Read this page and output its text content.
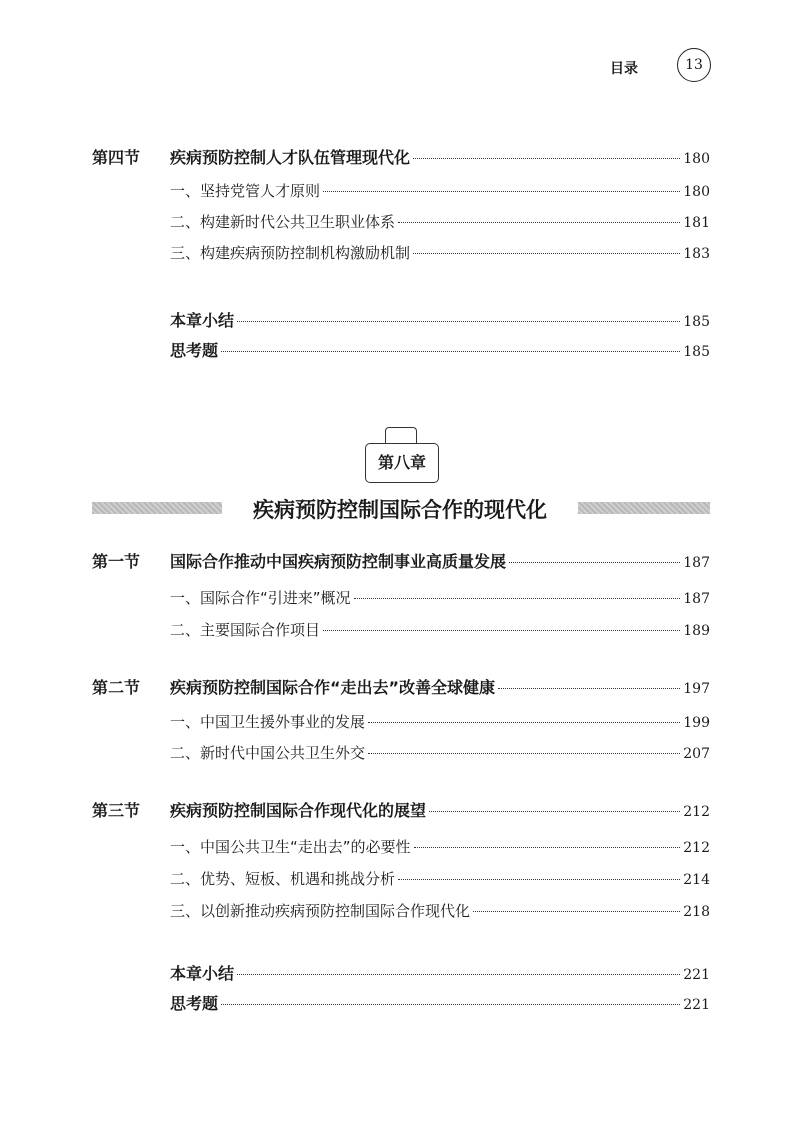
目录	13
第四节	疾病预防控制人才队伍管理现代化	180
一、坚持党管人才原则	180
二、构建新时代公共卫生职业体系	181
三、构建疾病预防控制机构激励机制	183
本章小结	185
思考题	185
第八章
疾病预防控制国际合作的现代化
第一节	国际合作推动中国疾病预防控制事业高质量发展	187
一、国际合作“引进来”概况	187
二、主要国际合作项目	189
第二节	疾病预防控制国际合作“走出去”改善全球健康	197
一、中国卫生援外事业的发展	199
二、新时代中国公共卫生外交	207
第三节	疾病预防控制国际合作现代化的展望	212
一、中国公共卫生“走出去”的必要性	212
二、优势、短板、机遇和挑战分析	214
三、以创新推动疾病预防控制国际合作现代化	218
本章小结	221
思考题	221
